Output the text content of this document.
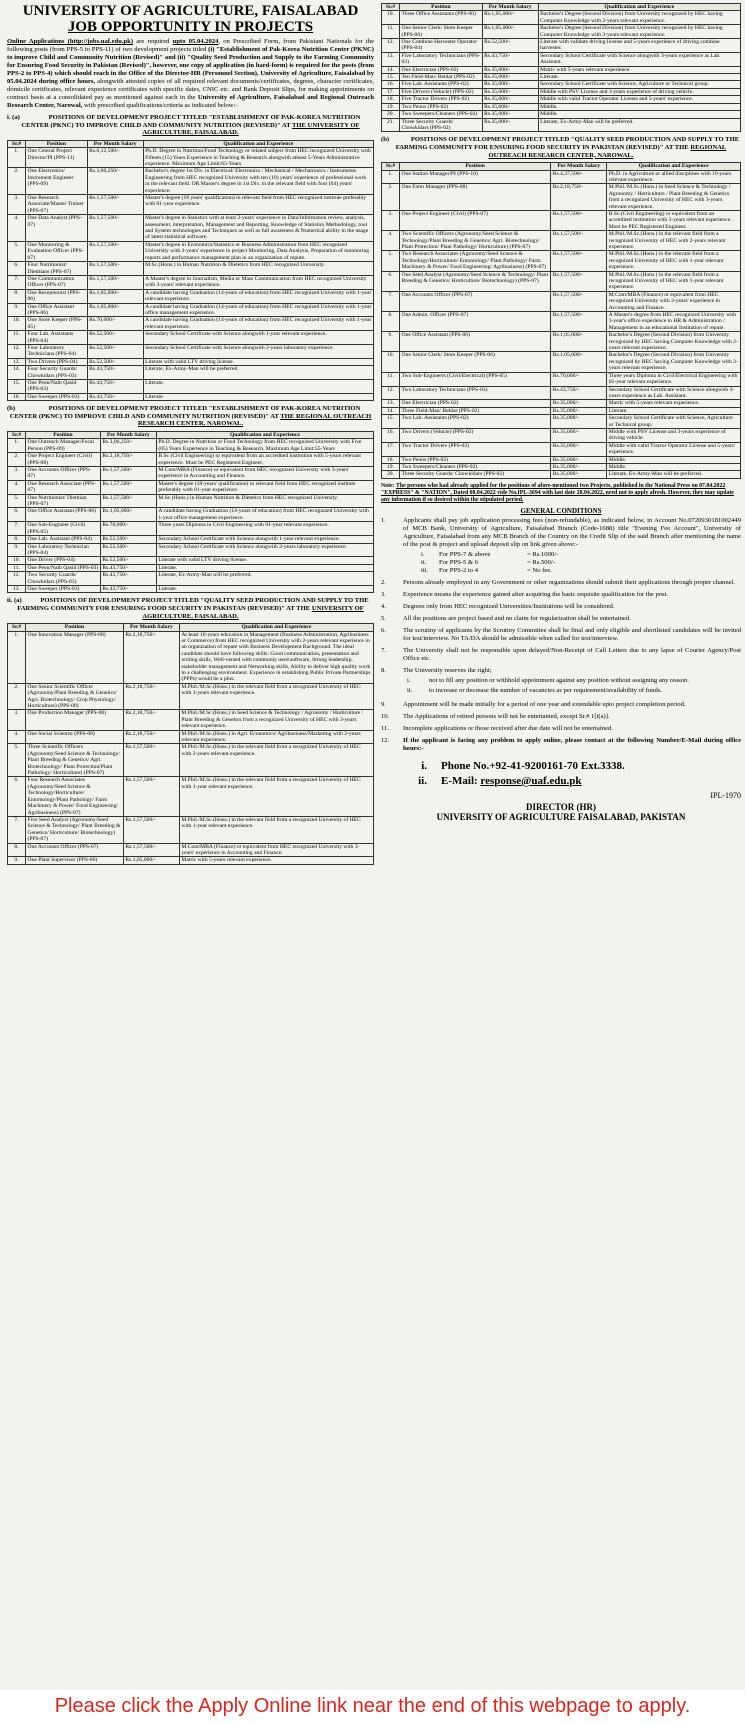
UNIVERSITY OF AGRICULTURE, FAISALABAD
JOB OPPORTUNITY IN PROJECTS
Online Applications (http://jobs.uaf.edu.pk) are required upto 05.04.2024, on Prescribed Form, from Pakistani Nationals for the following posts (from PPS-5 to PPS-11) of two development projects titled (i) "Establishment of Pak-Korea Nutrition Center (PKNC) to improve Child and Community Nutrition (Revised)" and (ii) "Quality Seed Production and Supply to the Farming Community for Ensuring Food Security in Pakistan (Revised)", however, one copy of application (in hard-form) is required for the posts (from PPS-2 to PPS-4) which should reach in the Office of the Director-HR (Personnel Section), University of Agriculture, Faisalabad by 05.04.2024 during office hours, alongwith attested copies of all required relevant documents/certificates, degrees, character certificates, domicile certificates, relevant experience certificates with specific dates, CNIC etc. and Bank Deposit Slips, for making appointments on contract basis at a consolidated pay as mentioned against each in the University of Agriculture, Faisalabad and Regional Outreach Research Center, Narowal, with prescribed qualifications/criteria as indicated below:-
i. (a)	POSITIONS OF DEVELOPMENT PROJECT TITLED "ESTABLISHMENT OF PAK-KOREA NUTRITION CENTER (PKNC) TO IMPROVE CHILD AND COMMUNITY NUTRITION (REVISED)" AT THE UNIVERSITY OF AGRICULTURE, FAISALABAD.
Sr.#	Position	Per Month Salary	Qualification and Experience
1.	One Central Project Director/PI (PPS-11)	Rs.6,12,500/-	Ph.D. Degree in Nutrition/Food Technology or related subject from HEC recognized University with Fifteen (15) Years Experience in Teaching & Research alongwith atleast 5-Years Administrative experience. Maximum Age Limit:65-Years
2.	One Electronics/ Instrument Engineer (PPS-09)	Rs.3,06,250/-	Bachelor's degree 1st Div. in Electrical/ Electronics / Mechanical / Mechatronics / Instruments Engineering from HEC recognized University with ten (10) years' experience of professional work in the relevant field. OR Master's degree in 1st Div. in the relevant field with four (04) years' experience.
3.	One Research Associate/Master Trainer (PPS-07)	Rs.1,57,500/-	Master's degree (18 years' qualification) in relevant field from HEC recognized institute preferably with 01-year experience.
4.	One Data Analyst (PPS-07)	Rs.1,57,500/-	Master's degree in Statistics with at least 2-years' experience in Data/Information review, analysis, assessment, interpretation, Management and Reporting, Knowledge of Statistics Methodology, tool and System technologies and Techniques as well as full awareness & Numerical ability in the usage of latest statistical software.
5.	One Monitoring & Evaluation Officer (PPS-07)	Rs.1,57,500/-	Master's degree in Economics/Statistics or Business Administration from HEC recognized University with 3-years' experience in project Monitoring, Data Analysis, Preparation of monitoring reports and performance management plan in an organization of repute.
6.	Four Nutritionist/ Dietitians (PPS-07)	Rs.1,57,500/-	M.Sc.(Hons.) in Human Nutrition & Dietetics from HEC recognized University.
7.	One Communication Officer (PPS-07)	Rs.1,57,500/-	A Master's degree in Journalism, Media or Mass Communication from HEC recognized University with 3-years' relevant experience.
8.	One Receptionist (PPS-06)	Rs.1,05,000/-	A candidate having Graduation (14-years of education) from HEC recognized University with 1-year relevant experience.
9.	One Office Assistant (PPS-06)	Rs.1,05,000/-	A candidate having Graduation (14-years of education) from HEC recognized University with 1-year office management experience.
10.	One Store Keeper (PPS-05)	Rs.70,000/-	A candidate having Graduation (14-years of education) from HEC recognized University with 1-year relevant experience.
11.	Four Lab. Assistants (PPS-04)	Rs.52,500/-	Secondary School Certificate with Science alongwith 1-year relevant experience.
12.	Four Laboratory Technicians (PPS-04)	Rs.52,500/-	Secondary School Certificate with Science alongwith 2-years laboratory experience.
13.	Two Drivers (PPS-04)	Rs.52,500/-	Literate with valid LTV driving license.
14.	Four Security Guards/ Chowkidars (PPS-03)	Rs.43,750/-	Literate, Ex-Army-Man will be preferred.
15.	One Peon/Naib Qasid (PPS-03)	Rs.43,750/-	Literate.
16.	One Sweeper (PPS-03)	Rs.43,750/-	Literate.
(b)	POSITIONS OF DEVELOPMENT PROJECT TITLED "ESTABLISHMENT OF PAK-KOREA NUTRITION CENTER (PKNC) TO IMPROVE CHILD AND COMMUNITY NUTRITION (REVISED)" AT THE REGIONAL OUTREACH RESEARCH CENTER, NAROWAL.
Sr.#	Position	Per Month Salary	Qualification and Experience
1.	One Outreach Manager/Focal Person (PPS-09)	Rs.3,06,250/-	Ph.D. Degree in Nutrition or Food Technology from HEC recognized University with Five (05) Years Experience in Teaching & Research. Maximum Age Limit:55-Years
2.	One Project Engineer (Civil) (PPS-08)	Rs.2,18,750/-	B.Sc (Civil Engineering) or equivalent from an accredited institution with 5-years relevant experience. Must be PEC Registered Engineer.
3.	One Accounts Officer (PPS-07)	Rs.1,57,500/-	M.Com/MBA (Finance) or equivalent from HEC recognized University with 3-years' experience in Accounting and Finance.
4.	One Research Associate (PPS-07)	Rs.1,57,500/-	Master's degree (18-years' qualification) in relevant field from HEC recognized institute preferably with 01-year experience.
5.	One Nutritionist/ Dietitian (PPS-07)	Rs.1,57,500/-	M.Sc.(Hons.) in Human Nutrition & Dietetics from HEC recognized University.
6.	One Office Assistant (PPS-06)	Rs.1,05,000/-	A candidate having Graduation (14-years of education) from HEC recognized University with 1-year office management experience.
7.	One Sub-Engineer (Civil) (PPS-05)	Rs.70,000/-	Three years Diploma in Civil Engineering with 01-year relevant experience.
8.	One Lab. Assistant (PPS-04)	Rs.52,500/-	Secondary School Certificate with Science alongwith 1-year relevant experience.
9.	One Laboratory Technician (PPS-04)	Rs.52,500/-	Secondary School Certificate with Science alongwith 2-years laboratory experience.
10.	One Driver (PPS-04)	Rs.52,500/-	Literate with valid LTV driving license.
11.	One Peon/Naib Qasid (PPS-03)	Rs.43,750/-	Literate.
12.	Two Security Guards/ Chowkidars (PPS-03)	Rs.43,750/-	Literate, Ex-Army-Man will be preferred.
13.	One Sweeper (PPS-03)	Rs.43,750/-	Literate.
ii. (a)	POSITIONS OF DEVELOPMENT PROJECT TITLED "QUALITY SEED PRODUCTION AND SUPPLY TO THE FARMING COMMUNITY FOR ENSURING FOOD SECURITY IN PAKISTAN (REVISED)" AT THE UNIVERSITY OF AGRICULTURE, FAISALABAD.
Sr.#	Position	Per Month Salary	Qualification and Experience
1.	One Innovation Manager (PPS-08)	Rs.2,18,750/-	At least 16-years education in Management (Business Administration, Agribusiness or Commerce) from HEC recognized University with 2-years relevant experience in an organization of repute with Business Development Background. The ideal candidate should have following skills: Good communication, presentation and writing skills, Well-versed with commonly used software, Strong leadership, stakeholder management and Networking skills, Ability to deliver high quality work in a challenging environment. Experience in establishing Public Private Partnerships (PPPs) would be a plus.
2.	One Senior Scientific Officer (Agronomy/Plant Breeding & Genetics/ Agri. Biotechnology/ Crop Physiology/ Horticulture) (PPS-08)	Rs.2,18,750/-	M.Phil./M.Sc.(Hons.) in the relevant field from a recognized University of HEC with 3-years relevant experience.
3.	One Production Manager (PPS-08)	Rs.2,18,750/-	M.Phil./M.Sc.(Hons.) in Seed Science & Technology / Agronomy / Horticulture / Plant Breeding & Genetics from a recognized University of HEC with 3-years relevant experience.
4.	One Social Scientist (PPS-08)	Rs.2,18,750/-	M.Phil./M.Sc.(Hons.) in Agri. Economics/ Agribusiness/Marketing with 2-years relevant experience.
5.	Three Scientific Officers (Agronomy/Seed Science & Technology/ Plant Breeding & Genetics/ Agri. Biotechnology/ Plant Protection/Plant Pathology/ Horticulture) (PPS-07)	Rs.1,57,500/-	M.Phil./M.Sc.(Hons.) in the relevant field from a recognized University of HEC with 2-years relevant experience.
6.	Four Research Associates (Agronomy/Seed Science & Technology/Horticulture/ Entomology/Plant Pathology/ Farm Machinery & Power/ Food Engineering/ Agribusiness) (PPS-07)	Rs.1,57,500/-	M.Phil./M.Sc.(Hons.) in the relevant field from a recognized University of HEC with 1-year relevant experience.
7.	Five Seed Analyst (Agronomy/Seed Science & Technology/ Plant Breeding & Genetics/ Horticulture/ Biotechnology) (PPS-07)	Rs.1,57,500/-	M.Phil./M.Sc.(Hons.) in the relevant field from a recognized University of HEC with 1-year relevant experience.
8.	One Accounts Officer (PPS-07)	Rs.1,57,500/-	M.Com/MBA (Finance) or equivalent from HEC recognized University with 3-years' experience in Accounting and Finance.
9.	One Plant Supervisor (PPS-06)	Rs.1,05,000/-	Matric with 5-years relevant experience.
Sr.#	Position	Per Month Salary	Qualification and Experience
10.	Three Office Assistants (PPS-06)	Rs.1,05,000/-	Bachelor's Degree (Second Division) from University recognized by HEC having Computer Knowledge with 2-years relevant experience.
11.	One Senior Clerk/ Store Keeper (PPS-06)	Rs.1,05,000/-	Bachelor's Degree (Second Division) from University recognized by HEC having Computer Knowledge with 3-years relevant experience.
12.	One Combine Harvester Operator (PPS-04)	Rs.52,500/-	Literate with validate driving license and 5-years experience of driving combine harvester.
13.	Five Laboratory Technicians (PPS-03)	Rs.43,750/-	Secondary School Certificate with Science alongwith 3-years experience as Lab. Assistant.
14.	One Electrician (PPS-02)	Rs.35,000/-	Matric with 5-years relevant experience.
15.	Ten Field-Man/ Beldar (PPS-02)	Rs.35,000/-	Literate.
16.	Five Lab. Assistants (PPS-02)	Rs.35,000/-	Secondary School Certificate with Science, Agriculture or Technical group.
17.	Five Drivers (Vehicle) (PPS-02)	Rs.35,000/-	Middle with PSV License and 3-years experience of driving vehicle.
18.	Five Tractor Drivers (PPS-02)	Rs.35,000/-	Middle with valid Tractor Operator License and 5-years' experience.
19.	Two Peons (PPS-02)	Rs.35,000/-	Middle.
20.	Two Sweepers/Cleaners (PPS-02)	Rs.35,000/-	Middle.
21.	Three Security Guards/ Chowkidars (PPS-02)	Rs.35,000/-	Literate, Ex-Army-Man will be preferred.
(b)	POSITIONS OF DEVELOPMENT PROJECT TITLED "QUALITY SEED PRODUCTION AND SUPPLY TO THE FARMING COMMUNITY FOR ENSURING FOOD SECURITY IN PAKISTAN (REVISED)" AT THE REGIONAL OUTREACH RESEARCH CENTER, NAROWAL.
Sr.#	Position	Per Month Salary	Qualification and Experience
1.	One Station Manager/PI (PPS-10)	Rs.4,37,500/-	Ph.D. in Agriculture or allied disciplines with 10-years relevant experience.
2.	One Farm Manager (PPS-08)	Rs.2,18,750/-	M.Phil./M.Sc.(Hons.) in Seed Science & Technology / Agronomy / Horticulture / Plant Breeding & Genetics from a recognized University of HEC with 3-years relevant experience.
3.	One Project Engineer (Civil) (PPS-07)	Rs.1,57,500/-	B.Sc.(Civil Engineering) or equivalent from an accredited institution with 3-years relevant experience. Must be PEC Registered Engineer.
4.	Two Scientific Officers (Agronomy/Seed Science & Technology/Plant Breeding & Genetics/ Agri. Biotechnology/ Plant Protection/ Plant Pathology/ Horticulture) (PPS-07)	Rs.1,57,500/-	M.Phil./M.Sc.(Hons.) in the relevant field from a recognized University of HEC with 2-years relevant experience.
5.	Two Research Associates (Agronomy/Seed Science & Technology/Horticulture/ Entomology/ Plant Pathology/ Farm Machinery & Power/ Food Engineering/ Agribusiness) (PPS-07)	Rs.1,57,500/-	M.Phil./M.Sc.(Hons.) in the relevant field from a recognized University of HEC with 1-year relevant experience.
6.	One Seed Analyst (Agronomy/Seed Science & Technology/ Plant Breeding & Genetics/ Horticulture/ Biotechnology) (PPS-07)	Rs.1,57,500/-	M.Phil./M.Sc.(Hons.) in the relevant field from a recognized University of HEC with 1-year relevant experience.
7.	One Accounts Officer (PPS-07)	Rs.1,57,500/-	M.Com/MBA (Finance) or equivalent from HEC recognized University with 3-years' experience in Accounting and Finance.
8.	One Admin. Officer (PPS-07)	Rs.1,57,500/-	A Master's degree from HEC recognized University with 3-year's office experience in HR & Administration / Management in an educational Institution of repute.
9.	One Office Assistant (PPS-06)	Rs.1,05,000/-	Bachelor's Degree (Second Division) from University recognized by HEC having Computer Knowledge with 2-years relevant experience.
10.	One Senior Clerk/ Store Keeper (PPS-06)	Rs.1,05,000/-	Bachelor's Degree (Second Division) from University recognized by HEC having Computer Knowledge with 3-years relevant experience.
11.	Two Sub-Engineers (Civil/Electrical) (PPS-05)	Rs.70,000/-	Three years Diploma in Civil/Electrical Engineering with 01-year relevant experience.
12.	Two Laboratory Technicians (PPS-03)	Rs.43,750/-	Secondary School Certificate with Science alongwith 3-years experience as Lab. Assistant.
13.	One Electrician (PPS-02)	Rs.35,000/-	Matric with 5-years relevant experience.
14.	Three Field-Man/ Beldar (PPS-02)	Rs.35,000/-	Literate.
15.	Two Lab. Assistants (PPS-02)	Rs.35,000/-	Secondary School Certificate with Science, Agriculture or Technical group.
16.	Two Drivers (Vehicle) (PPS-02)	Rs.35,000/-	Middle with PSV License and 3-years experience of driving vehicle.
17.	Two Tractor Drivers (PPS-02)	Rs.35,000/-	Middle with valid Tractor Operator License and 5-years' experience.
18.	Two Peons (PPS-02)	Rs.35,000/-	Middle.
19.	Two Sweepers/Cleaners (PPS-02)	Rs.35,000/-	Middle.
20.	Three Security Guards/ Chowkidars (PPS-02)	Rs.35,000/-	Literate, Ex-Army-Man will be preferred.
Note: The persons who had already applied for the positions of afore-mentioned two Projects, published in the National Press on 07.04.2022 "EXPRESS" & "NATION", Dated 08.04.2022 vide No.IPL-3694 with last date 28.04.2022, need not to apply afresh. However, they may update any information if so desired within the stipulated period.
GENERAL CONDITIONS
1.	Applicants shall pay job application processing fees (non-refundable), as indicated below, in Account No.0720930181002449 of MCB Bank, University of Agriculture, Faisalabad Branch (Code-1688) title "Evening Fee Account", University of Agriculture, Faisalabad from any MCB Branch of the Country on the Credit Slip of the said Branch after mentioning the name of the post & project and upload deposit slip on link given above:-
i.	For PPS-7 & above	= Rs.1000/-
ii.	For PPS-5 & 6	= Rs.500/-
iii.	For PPS-2 to 4	= No fee.
2.	Persons already employed in any Government or other organizations should submit their applications through proper channel.
3.	Experience means the experience gained after acquiring the basic requisite qualification for the post.
4.	Degrees only from HEC recognized Universities/Institutions will be considered.
5.	All the positions are project based and no claim for regularization shall be entertained.
6.	The scrutiny of applicants by the Scrutiny Committee shall be final and only eligible and shortlisted candidates will be invited for test/interview. No TA/DA should be admissible when called for test/interview.
7.	The University shall not be responsible upon delayed/Non-Receipt of Call Letters due to any lapse of Courier Agency/Post Office etc.
8.	The University reserves the right;
i.	not to fill any position or withhold appointment against any position without assigning any reason.
ii.	to increase or decrease the number of vacancies as per requirement/availability of funds.
9.	Appointment will be made initially for a period of one year and extendable upto project completion period.
10.	The Applications of retired persons will not be entertained, except Sr.# 1[i(a)].
11.	Incomplete applications or those received after due date will not be entertained.
12.	If the applicant is facing any problem to apply online, please contact at the following Number/E-Mail during office hours:-
i.	Phone No.+92-41-9200161-70 Ext.3338.
ii.	E-Mail:
response@uaf.edu.pk
IPL-1970
DIRECTOR (HR)
UNIVERSITY OF AGRICULTURE FAISALABAD, PAKISTAN
Please click the Apply Online link near the end of this webpage to apply.
